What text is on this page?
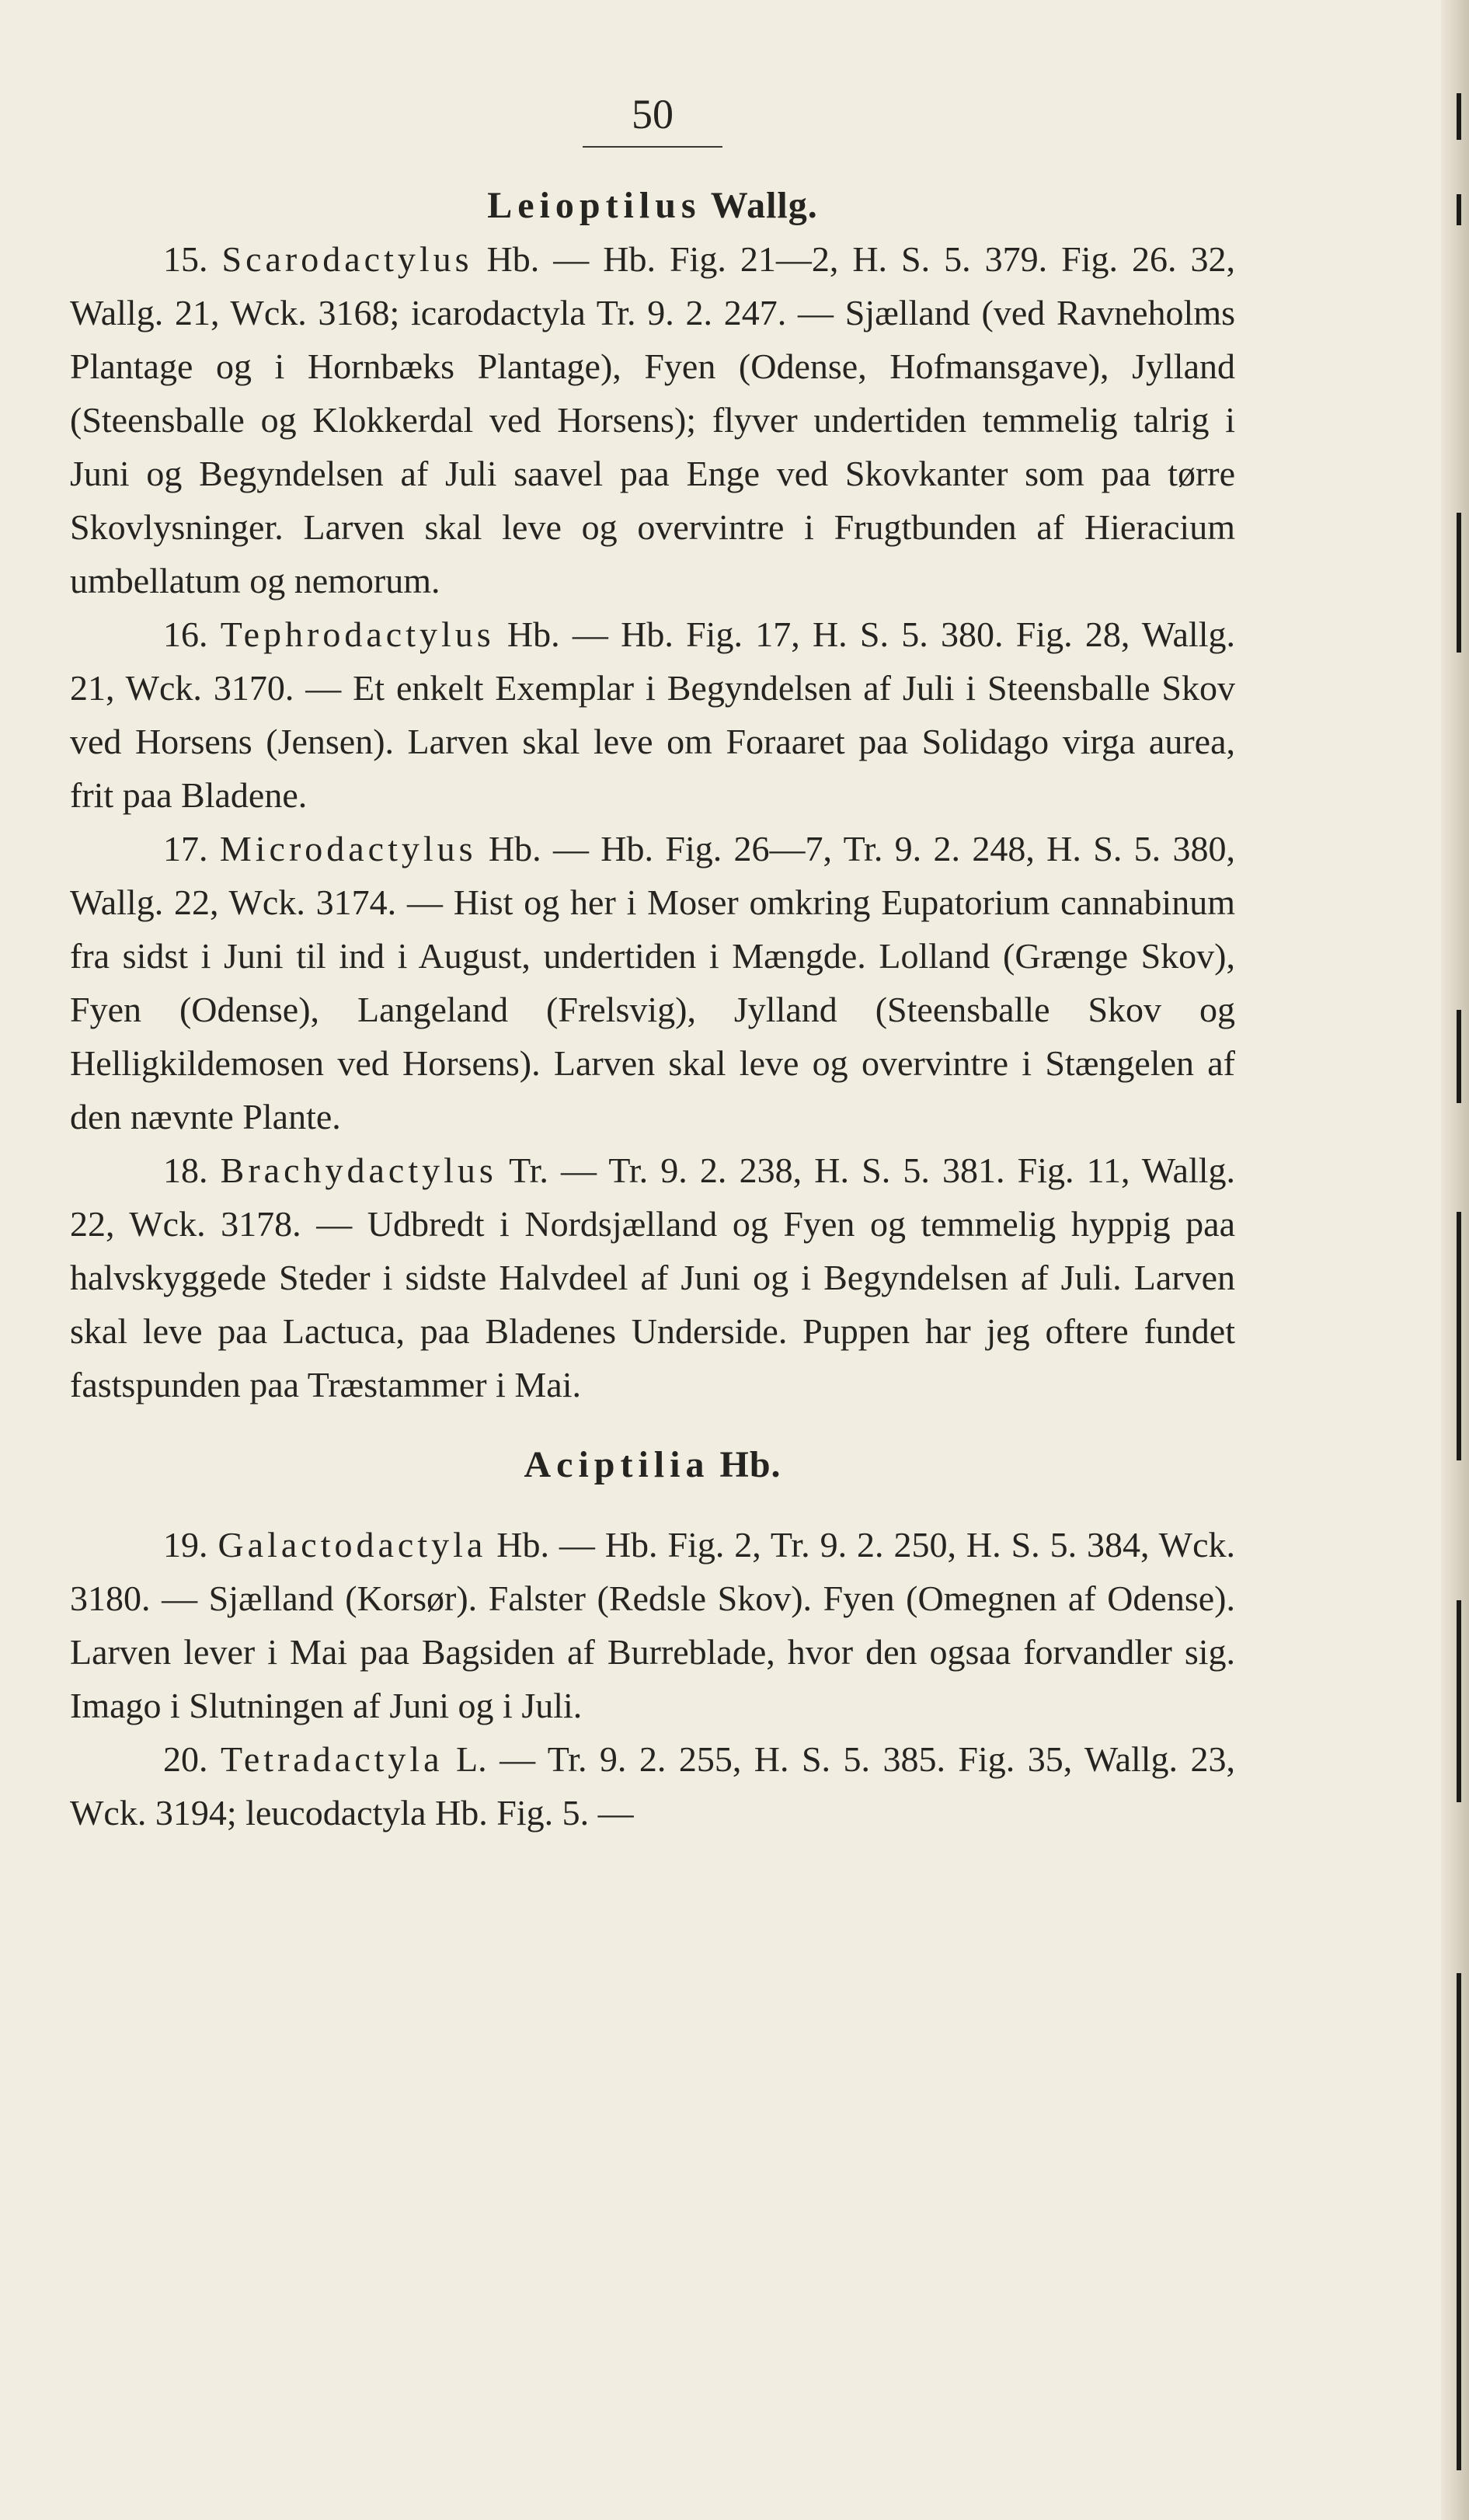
50
Leioptilus Wallg.

15. Scarodactylus Hb. — Hb. Fig. 21—2, H. S. 5. 379. Fig. 26. 32, Wallg. 21, Wck. 3168; icarodactyla Tr. 9. 2. 247. — Sjælland (ved Ravneholms Plantage og i Hornbæks Plantage), Fyen (Odense, Hofmansgave), Jylland (Steensballe og Klokkerdal ved Horsens); flyver undertiden temmelig talrig i Juni og Begyndelsen af Juli saavel paa Enge ved Skovkanter som paa tørre Skovlysninger. Larven skal leve og overvintre i Frugtbunden af Hieracium umbellatum og nemorum.

16. Tephrodactylus Hb. — Hb. Fig. 17, H. S. 5. 380. Fig. 28, Wallg. 21, Wck. 3170. — Et enkelt Exemplar i Begyndelsen af Juli i Steensballe Skov ved Horsens (Jensen). Larven skal leve om Foraaret paa Solidago virga aurea, frit paa Bladene.

17. Microdactylus Hb. — Hb. Fig. 26—7, Tr. 9. 2. 248, H. S. 5. 380, Wallg. 22, Wck. 3174. — Hist og her i Moser omkring Eupatorium cannabinum fra sidst i Juni til ind i August, undertiden i Mængde. Lolland (Grænge Skov), Fyen (Odense), Langeland (Frelsvig), Jylland (Steensballe Skov og Helligkildemosen ved Horsens). Larven skal leve og overvintre i Stængelen af den nævnte Plante.

18. Brachydactylus Tr. — Tr. 9. 2. 238, H. S. 5. 381. Fig. 11, Wallg. 22, Wck. 3178. — Udbredt i Nordsjælland og Fyen og temmelig hyppig paa halvskyggede Steder i sidste Halvdeel af Juni og i Begyndelsen af Juli. Larven skal leve paa Lactuca, paa Bladenes Underside. Puppen har jeg oftere fundet fastspunden paa Træstammer i Mai.

Aciptilia Hb.

19. Galactodactyla Hb. — Hb. Fig. 2, Tr. 9. 2. 250, H. S. 5. 384, Wck. 3180. — Sjælland (Korsør). Falster (Redsle Skov). Fyen (Omegnen af Odense). Larven lever i Mai paa Bagsiden af Burreblade, hvor den ogsaa forvandler sig. Imago i Slutningen af Juni og i Juli.

20. Tetradactyla L. — Tr. 9. 2. 255, H. S. 5. 385. Fig. 35, Wallg. 23, Wck. 3194; leucodactyla Hb. Fig. 5. —
